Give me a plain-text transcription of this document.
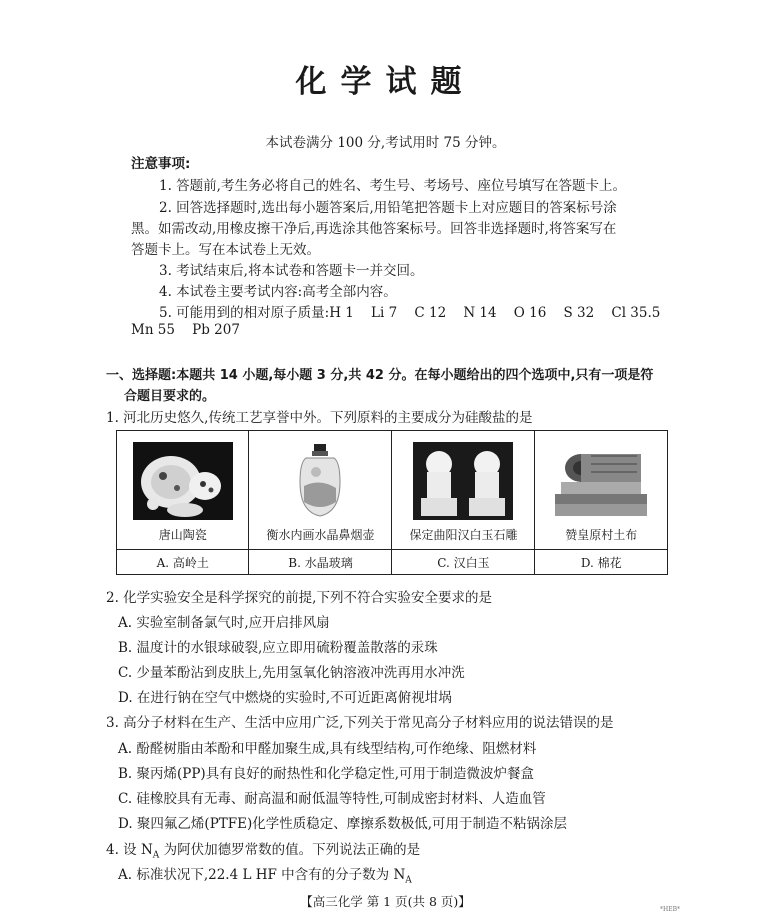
化学试题
本试卷满分 100 分,考试用时 75 分钟。
注意事项:
1. 答题前,考生务必将自己的姓名、考生号、考场号、座位号填写在答题卡上。
2. 回答选择题时,选出每小题答案后,用铅笔把答题卡上对应题目的答案标号涂
黑。如需改动,用橡皮擦干净后,再选涂其他答案标号。回答非选择题时,将答案写在
答题卡上。写在本试卷上无效。
3. 考试结束后,将本试卷和答题卡一并交回。
4. 本试卷主要考试内容:高考全部内容。
5. 可能用到的相对原子质量:H 1    Li 7    C 12    N 14    O 16    S 32    Cl 35.5
Mn 55    Pb 207
一、选择题:本题共 14 小题,每小题 3 分,共 42 分。在每小题给出的四个选项中,只有一项是符
合题目要求的。
1. 河北历史悠久,传统工艺享誉中外。下列原料的主要成分为硅酸盐的是
唐山陶瓷	衡水内画水晶鼻烟壶	保定曲阳汉白玉石雕	赞皇原村土布

A. 高岭土	B. 水晶玻璃	C. 汉白玉	D. 棉花
2. 化学实验安全是科学探究的前提,下列不符合实验安全要求的是
A. 实验室制备氯气时,应开启排风扇
B. 温度计的水银球破裂,应立即用硫粉覆盖散落的汞珠
C. 少量苯酚沾到皮肤上,先用氢氧化钠溶液冲洗再用水冲洗
D. 在进行钠在空气中燃烧的实验时,不可近距离俯视坩埚
3. 高分子材料在生产、生活中应用广泛,下列关于常见高分子材料应用的说法错误的是
A. 酚醛树脂由苯酚和甲醛加聚生成,具有线型结构,可作绝缘、阻燃材料
B. 聚丙烯(PP)具有良好的耐热性和化学稳定性,可用于制造微波炉餐盒
C. 硅橡胶具有无毒、耐高温和耐低温等特性,可制成密封材料、人造血管
D. 聚四氟乙烯(PTFE)化学性质稳定、摩擦系数极低,可用于制造不粘锅涂层
4. 设 $N_A$ 为阿伏加德罗常数的值。下列说法正确的是
A. 标准状况下,22.4 L HF 中含有的分子数为 $N_A$
【高三化学 第 1 页(共 8 页)】
*HEB*
